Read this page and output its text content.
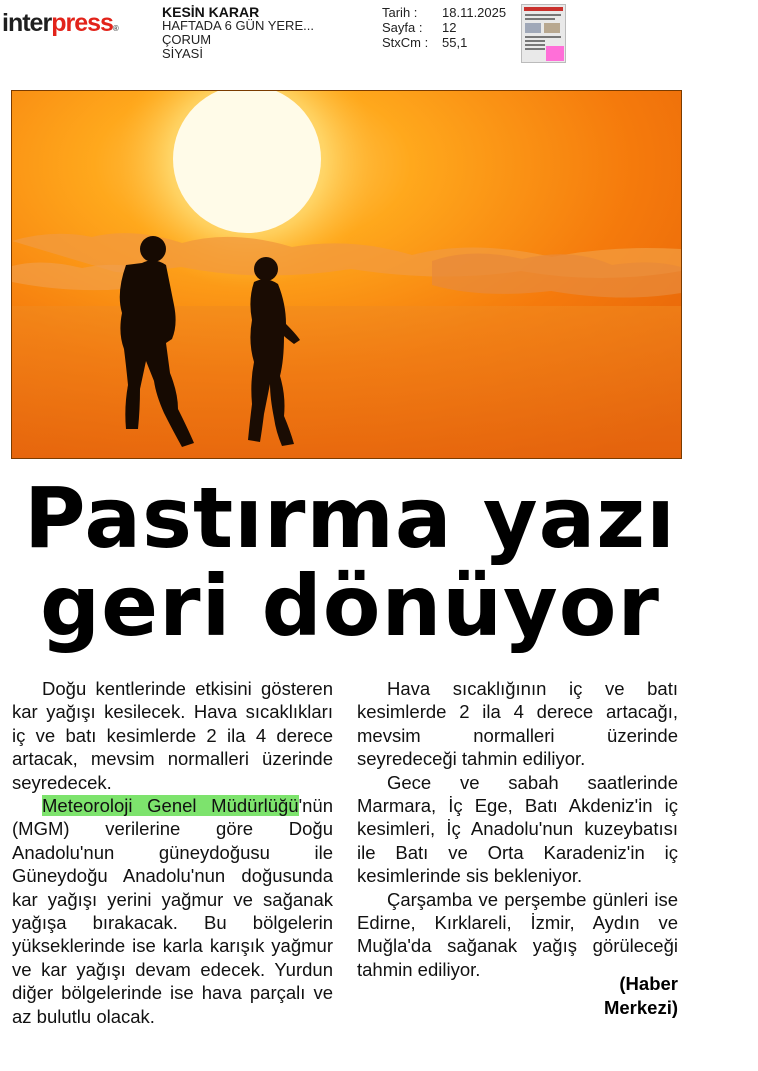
interpress®
KESİN KARAR
HAFTADA 6 GÜN YERE...
ÇORUM
SİYASİ
Tarih :	18.11.2025
Sayfa :	12
StxCm :	55,1
Pastırma yazı
geri dönüyor

Doğu kentlerinde etkisini gösteren kar yağışı kesilecek. Hava sıcaklıkları iç ve batı kesimlerde 2 ila 4 derece artacak, mevsim normalleri üzerinde seyredecek.

Meteoroloji Genel Müdürlüğü'nün (MGM) verilerine göre Doğu Anadolu'nun güneydoğusu ile Güneydoğu Anadolu'nun doğusunda kar yağışı yerini yağmur ve sağanak yağışa bırakacak. Bu bölgelerin yükseklerinde ise karla karışık yağmur ve kar yağışı devam edecek. Yurdun diğer bölgelerinde ise hava parçalı ve az bulutlu olacak.

Hava sıcaklığının iç ve batı kesimlerde 2 ila 4 derece artacağı, mevsim normalleri üzerinde seyredeceği tahmin ediliyor.

Gece ve sabah saatlerinde Marmara, İç Ege, Batı Akdeniz'in iç kesimleri, İç Anadolu'nun kuzeybatısı ile Batı ve Orta Karadeniz'in iç kesimlerinde sis bekleniyor.

Çarşamba ve perşembe günleri ise Edirne, Kırklareli, İzmir, Aydın ve Muğla'da sağanak yağış görüleceği tahmin ediliyor.

(Haber
Merkezi)
